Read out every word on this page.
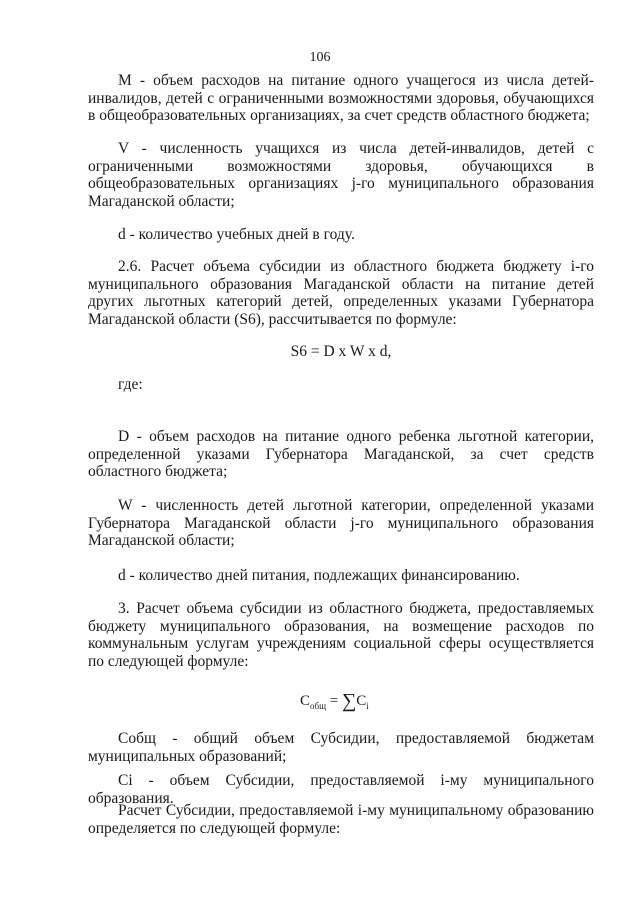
106

М - объем расходов на питание одного учащегося из числа детей-инвалидов, детей с ограниченными возможностями здоровья, обучающихся в общеобразовательных организациях, за счет средств областного бюджета;

V - численность учащихся из числа детей-инвалидов, детей с ограниченными возможностями здоровья, обучающихся в общеобразовательных организациях j-го муниципального образования Магаданской области;

d - количество учебных дней в году.

2.6. Расчет объема субсидии из областного бюджета бюджету i-го муниципального образования Магаданской области на питание детей других льготных категорий детей, определенных указами Губернатора Магаданской области (S6), рассчитывается по формуле:

S6 = D x W x d,

где:

D - объем расходов на питание одного ребенка льготной категории, определенной указами Губернатора Магаданской, за счет средств областного бюджета;

W - численность детей льготной категории, определенной указами Губернатора Магаданской области j-го муниципального образования Магаданской области;

d - количество дней питания, подлежащих финансированию.

3. Расчет объема субсидии из областного бюджета, предоставляемых бюджету муниципального образования, на возмещение расходов по коммунальным услугам учреждениям социальной сферы осуществляется по следующей формуле:

$С_{общ} = \sum С_i$

Собщ - общий объем Субсидии, предоставляемой бюджетам муниципальных образований;

Ci - объем Субсидии, предоставляемой i-му муниципального образования.

Расчет Субсидии, предоставляемой i-му муниципальному образованию определяется по следующей формуле:
